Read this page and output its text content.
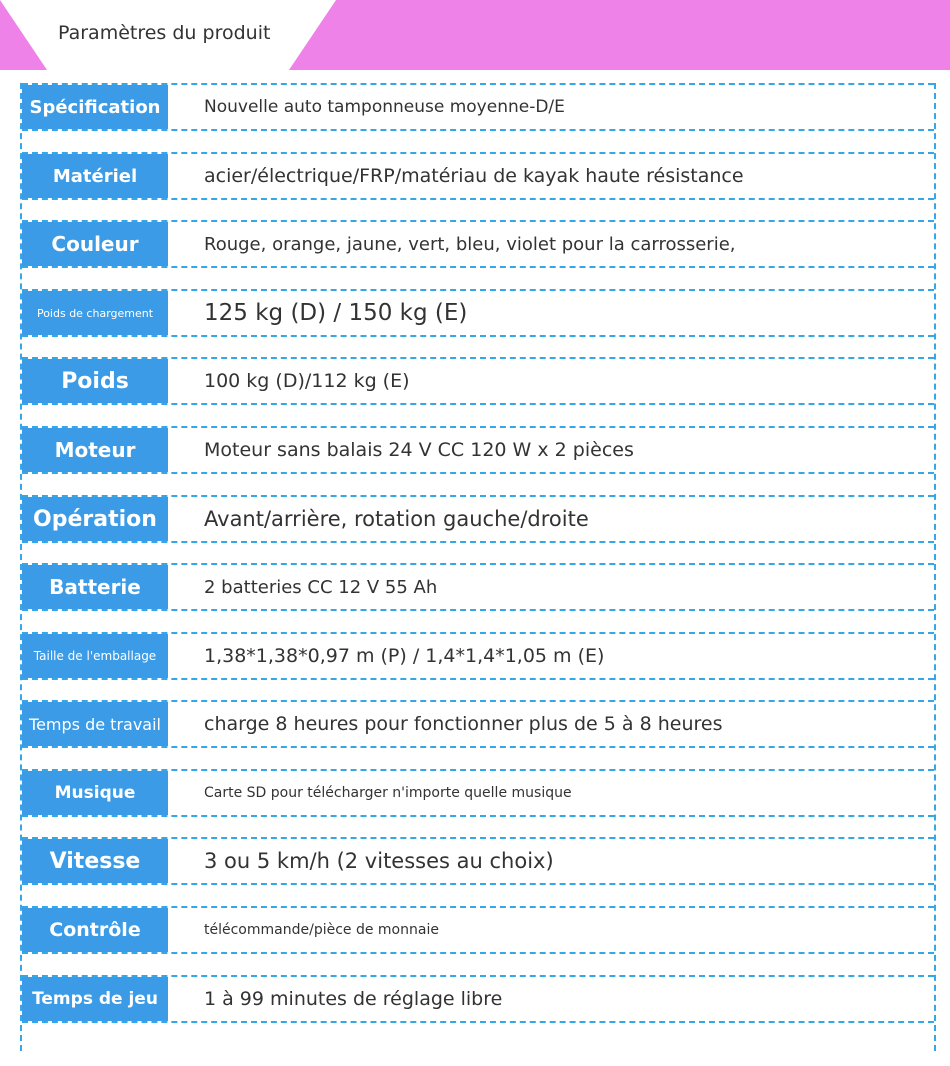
Paramètres du produit
Spécification	Nouvelle auto tamponneuse moyenne-D/E
Matériel	acier/électrique/FRP/matériau de kayak haute résistance
Couleur	Rouge, orange, jaune, vert, bleu, violet pour la carrosserie,
Poids de chargement	125 kg (D) / 150 kg (E)
Poids	100 kg (D)/112 kg (E)
Moteur	Moteur sans balais 24 V CC 120 W x 2 pièces
Opération	Avant/arrière, rotation gauche/droite
Batterie	2 batteries CC 12 V 55 Ah
Taille de l'emballage	1,38*1,38*0,97 m (P) / 1,4*1,4*1,05 m (E)
Temps de travail	charge 8 heures pour fonctionner plus de 5 à 8 heures
Musique	Carte SD pour télécharger n'importe quelle musique
Vitesse	3 ou 5 km/h (2 vitesses au choix)
Contrôle	télécommande/pièce de monnaie
Temps de jeu	1 à 99 minutes de réglage libre
